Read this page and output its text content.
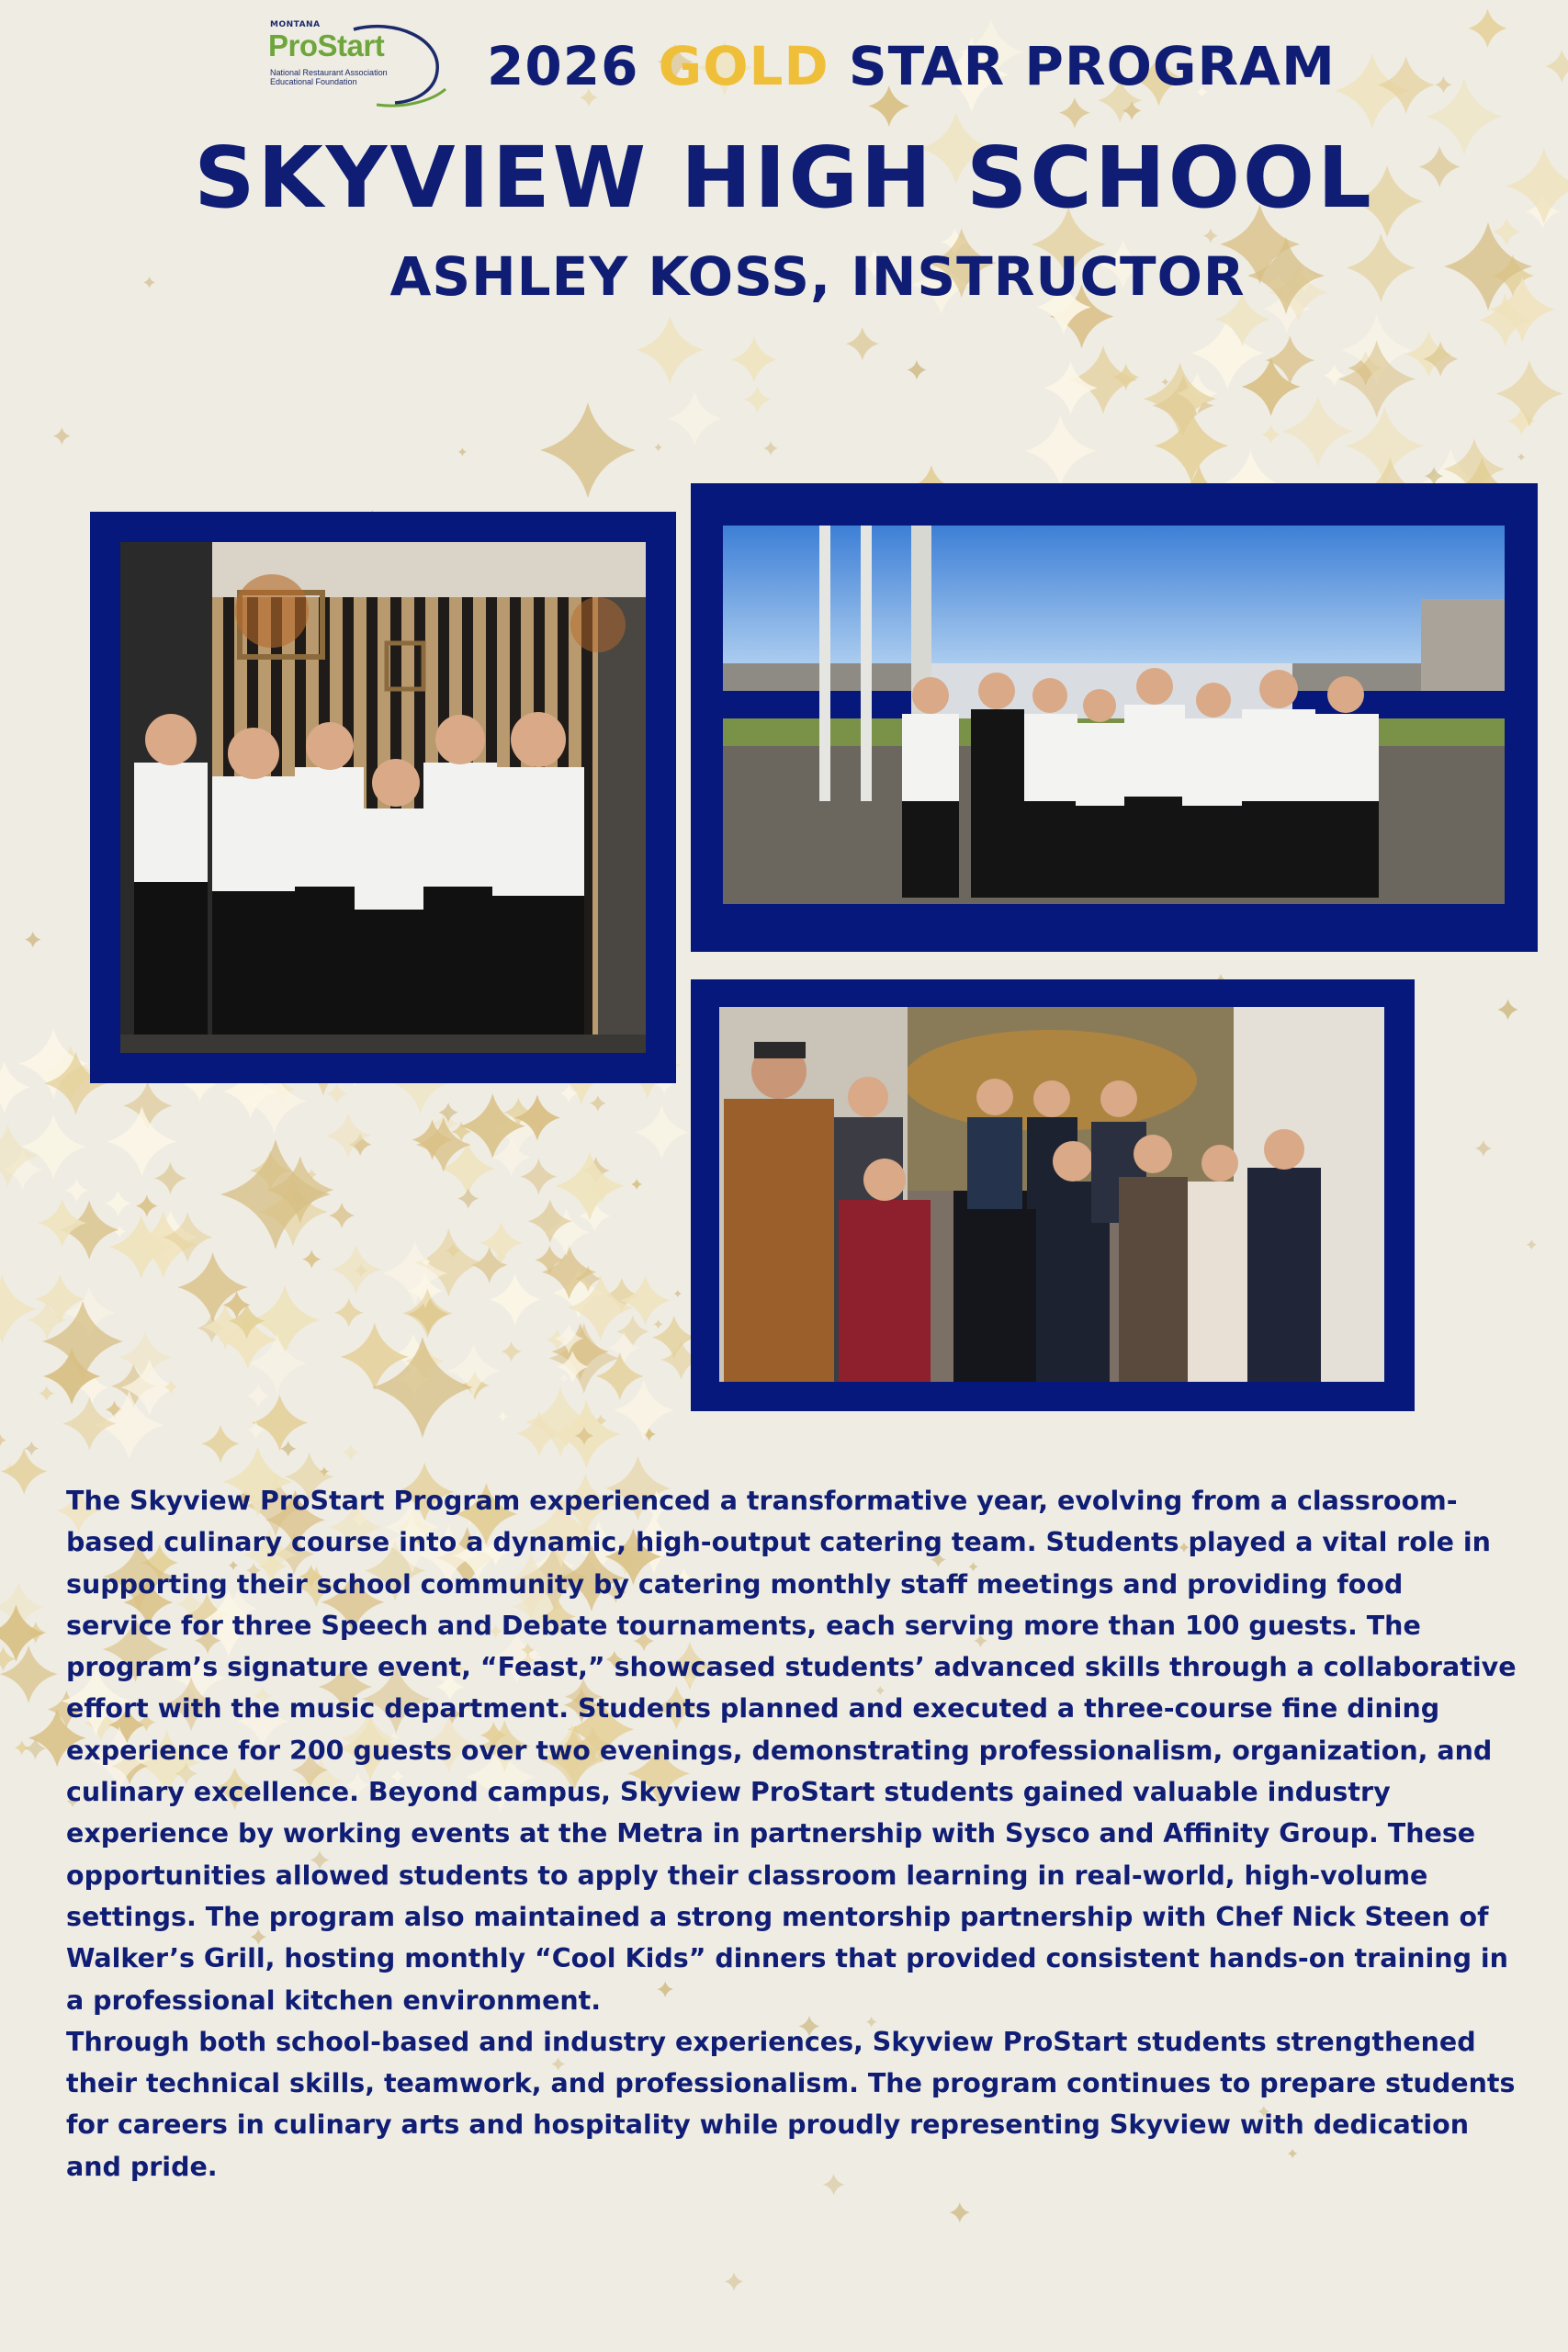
MONTANA
ProStart
National Restaurant Association
Educational Foundation	2026 GOLD STAR PROGRAM
SKYVIEW HIGH SCHOOL
ASHLEY KOSS, INSTRUCTOR

The Skyview ProStart Program experienced a transformative year, evolving from a classroom-based culinary course into a dynamic, high-output catering team. Students played a vital role in supporting their school community by catering monthly staff meetings and providing food service for three Speech and Debate tournaments, each serving more than 100 guests. The program’s signature event, “Feast,” showcased students’ advanced skills through a collaborative effort with the music department. Students planned and executed a three-course fine dining experience for 200 guests over two evenings, demonstrating professionalism, organization, and culinary excellence. Beyond campus, Skyview ProStart students gained valuable industry experience by working events at the Metra in partnership with Sysco and Affinity Group. These opportunities allowed students to apply their classroom learning in real-world, high-volume settings. The program also maintained a strong mentorship partnership with Chef Nick Steen of Walker’s Grill, hosting monthly “Cool Kids” dinners that provided consistent hands-on training in a professional kitchen environment.

Through both school-based and industry experiences, Skyview ProStart students strengthened their technical skills, teamwork, and professionalism. The program continues to prepare students for careers in culinary arts and hospitality while proudly representing Skyview with dedication and pride.
